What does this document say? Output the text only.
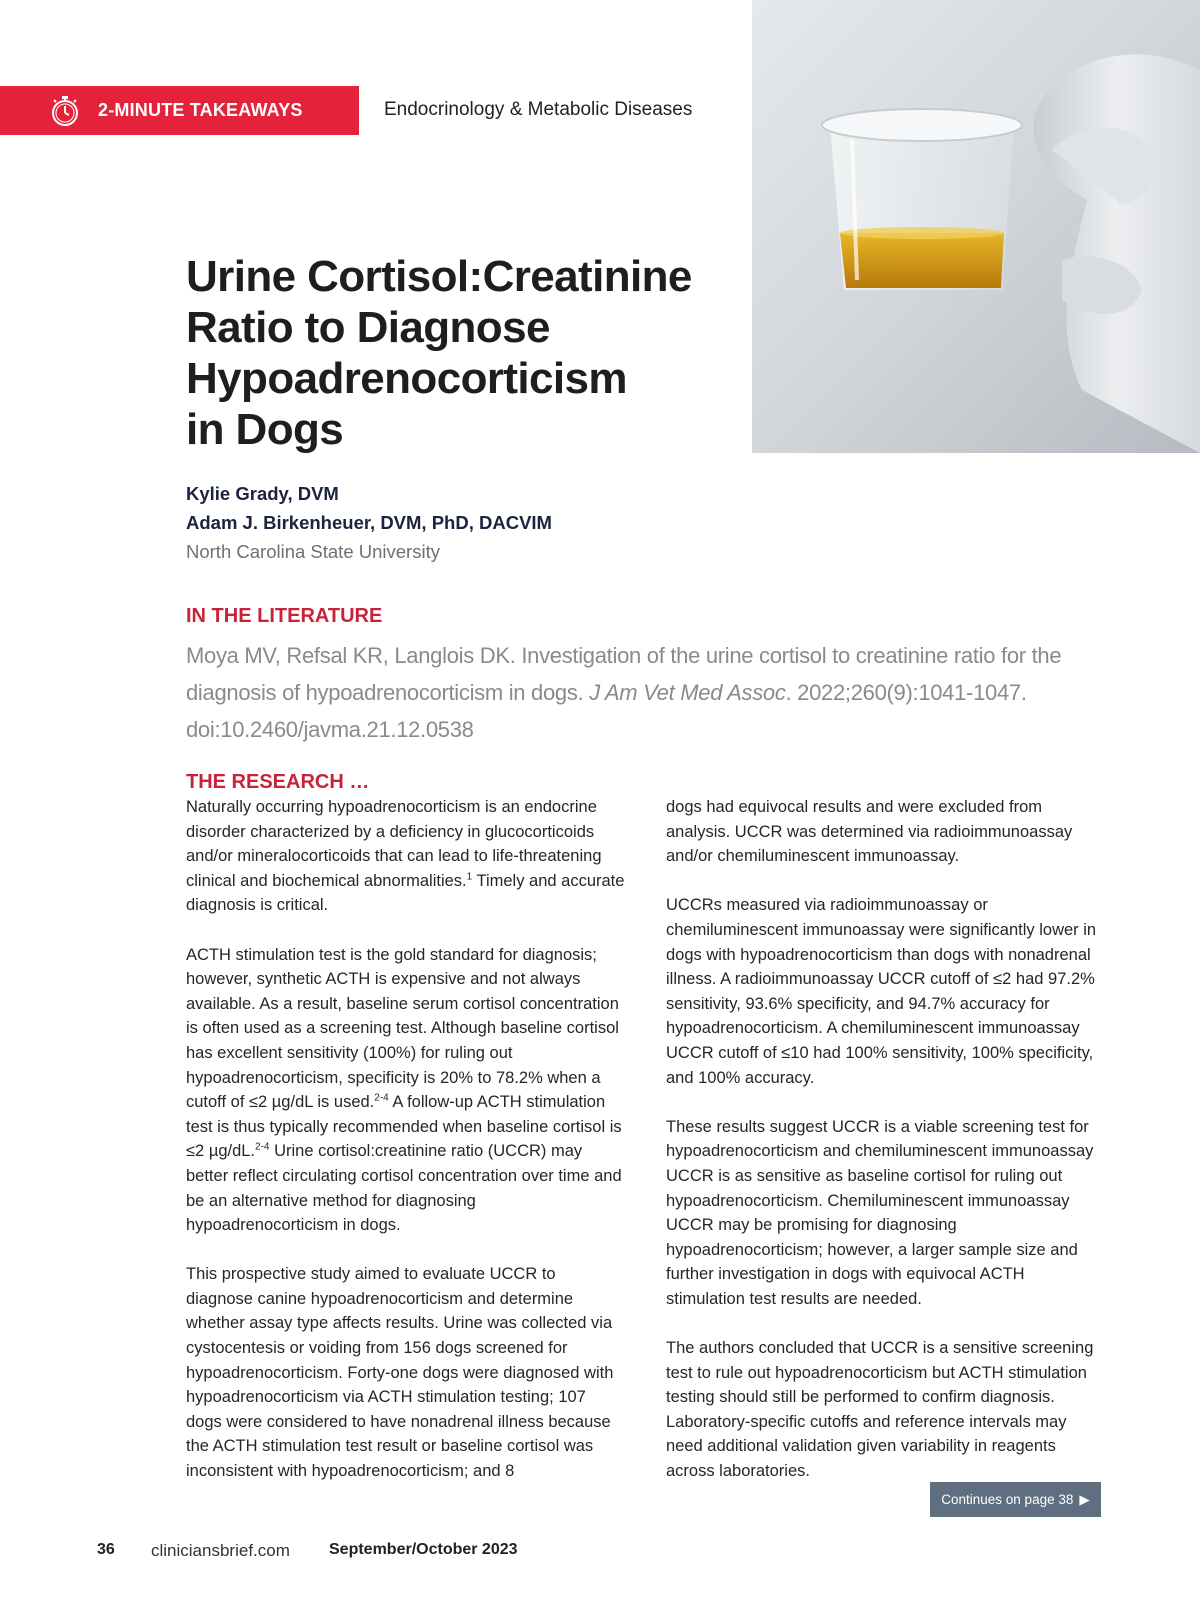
2-MINUTE TAKEAWAYS	Endocrinology & Metabolic Diseases
Urine Cortisol:Creatinine
Ratio to Diagnose
Hypoadrenocorticism
in Dogs
Kylie Grady, DVM
Adam J. Birkenheuer, DVM, PhD, DACVIM
North Carolina State University
IN THE LITERATURE

Moya MV, Refsal KR, Langlois DK. Investigation of the urine cortisol to creatinine ratio for the diagnosis of hypoadrenocorticism in dogs. J Am Vet Med Assoc. 2022;260(9):1041-1047. doi:10.2460/javma.21.12.0538

THE RESEARCH …

Naturally occurring hypoadrenocorticism is an endocrine disorder characterized by a deficiency in glucocorticoids and/or mineralocorticoids that can lead to life-threatening clinical and biochemical abnormalities.$^1$ Timely and accurate diagnosis is critical.

ACTH stimulation test is the gold standard for diagnosis; however, synthetic ACTH is expensive and not always available. As a result, baseline serum cortisol concentration is often used as a screening test. Although baseline cortisol has excellent sensitivity (100%) for ruling out hypoadrenocorticism, specificity is 20% to 78.2% when a cutoff of ≤2 µg/dL is used.$^{2-4}$ A follow-up ACTH stimulation test is thus typically recommended when baseline cortisol is ≤2 µg/dL.$^{2-4}$ Urine cortisol:creatinine ratio (UCCR) may better reflect circulating cortisol concentration over time and be an alternative method for diagnosing hypoadrenocorticism in dogs.

This prospective study aimed to evaluate UCCR to diagnose canine hypoadrenocorticism and determine whether assay type affects results. Urine was collected via cystocentesis or voiding from 156 dogs screened for hypoadrenocorticism. Forty-one dogs were diagnosed with hypoadrenocorticism via ACTH stimulation testing; 107 dogs were considered to have nonadrenal illness because the ACTH stimulation test result or baseline cortisol was inconsistent with hypoadrenocorticism; and 8

dogs had equivocal results and were excluded from analysis. UCCR was determined via radioimmunoassay and/or chemiluminescent immunoassay.

UCCRs measured via radioimmunoassay or chemiluminescent immunoassay were significantly lower in dogs with hypoadrenocorticism than dogs with nonadrenal illness. A radioimmunoassay UCCR cutoff of ≤2 had 97.2% sensitivity, 93.6% specificity, and 94.7% accuracy for hypoadrenocorticism. A chemiluminescent immunoassay UCCR cutoff of ≤10 had 100% sensitivity, 100% specificity, and 100% accuracy.

These results suggest UCCR is a viable screening test for hypoadrenocorticism and chemiluminescent immunoassay UCCR is as sensitive as baseline cortisol for ruling out hypoadrenocorticism. Chemiluminescent immunoassay UCCR may be promising for diagnosing hypoadrenocorticism; however, a larger sample size and further investigation in dogs with equivocal ACTH stimulation test results are needed.

The authors concluded that UCCR is a sensitive screening test to rule out hypoadrenocorticism but ACTH stimulation testing should still be performed to confirm diagnosis. Laboratory-specific cutoffs and reference intervals may need additional validation given variability in reagents across laboratories.

Continues on page 38 ▶
36 cliniciansbrief.com September/October 2023
